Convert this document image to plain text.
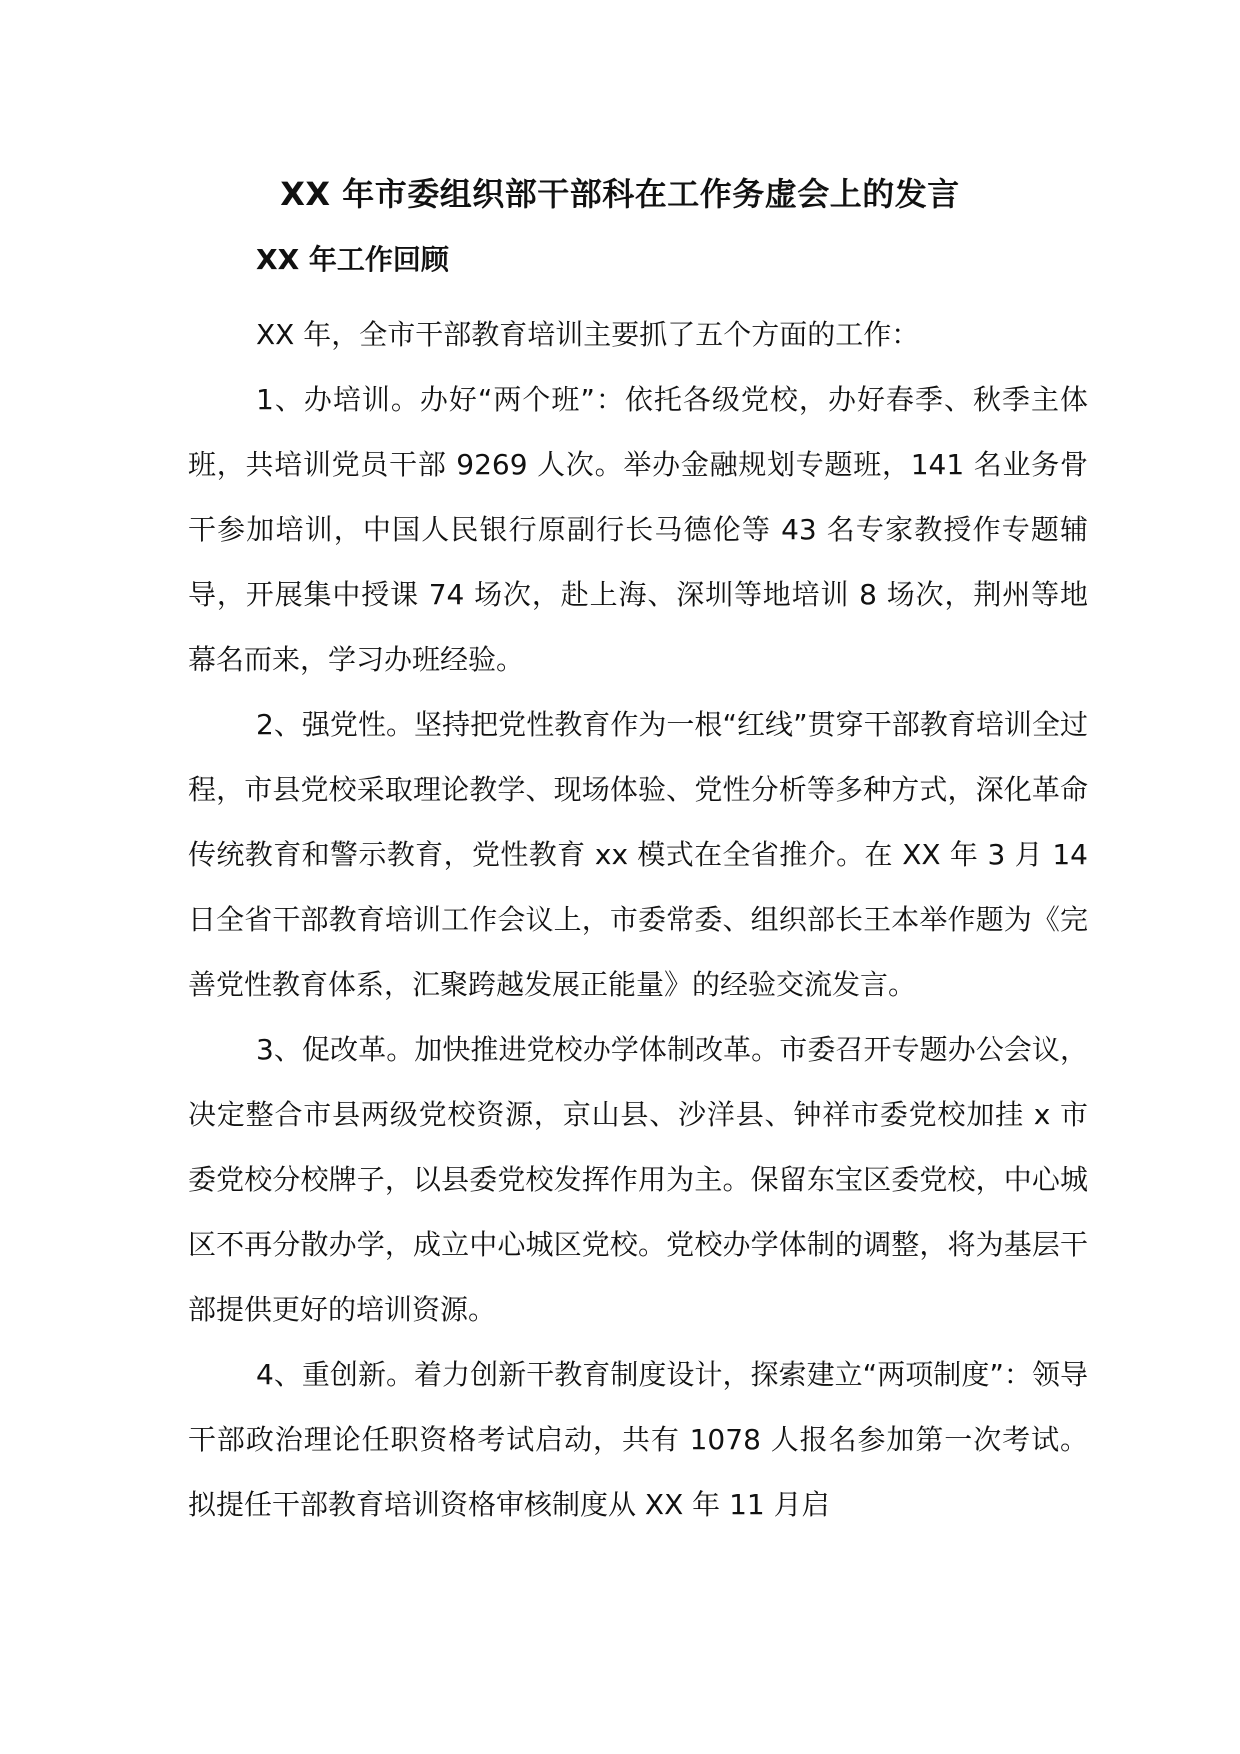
XX 年市委组织部干部科在工作务虚会上的发言
XX 年工作回顾

XX 年，全市干部教育培训主要抓了五个方面的工作：

1、办培训。办好“两个班”：依托各级党校，办好春季、秋季主体班，共培训党员干部 9269 人次。举办金融规划专题班，141 名业务骨干参加培训，中国人民银行原副行长马德伦等 43 名专家教授作专题辅导，开展集中授课 74 场次，赴上海、深圳等地培训 8 场次，荆州等地幕名而来，学习办班经验。

2、强党性。坚持把党性教育作为一根“红线”贯穿干部教育培训全过程，市县党校采取理论教学、现场体验、党性分析等多种方式，深化革命传统教育和警示教育，党性教育 xx 模式在全省推介。在 XX 年 3 月 14 日全省干部教育培训工作会议上，市委常委、组织部长王本举作题为《完善党性教育体系，汇聚跨越发展正能量》的经验交流发言。

3、促改革。加快推进党校办学体制改革。市委召开专题办公会议，决定整合市县两级党校资源，京山县、沙洋县、钟祥市委党校加挂 x 市委党校分校牌子，以县委党校发挥作用为主。保留东宝区委党校，中心城区不再分散办学，成立中心城区党校。党校办学体制的调整，将为基层干部提供更好的培训资源。

4、重创新。着力创新干教育制度设计，探索建立“两项制度”：领导干部政治理论任职资格考试启动，共有 1078 人报名参加第一次考试。拟提任干部教育培训资格审核制度从 XX 年 11 月启
